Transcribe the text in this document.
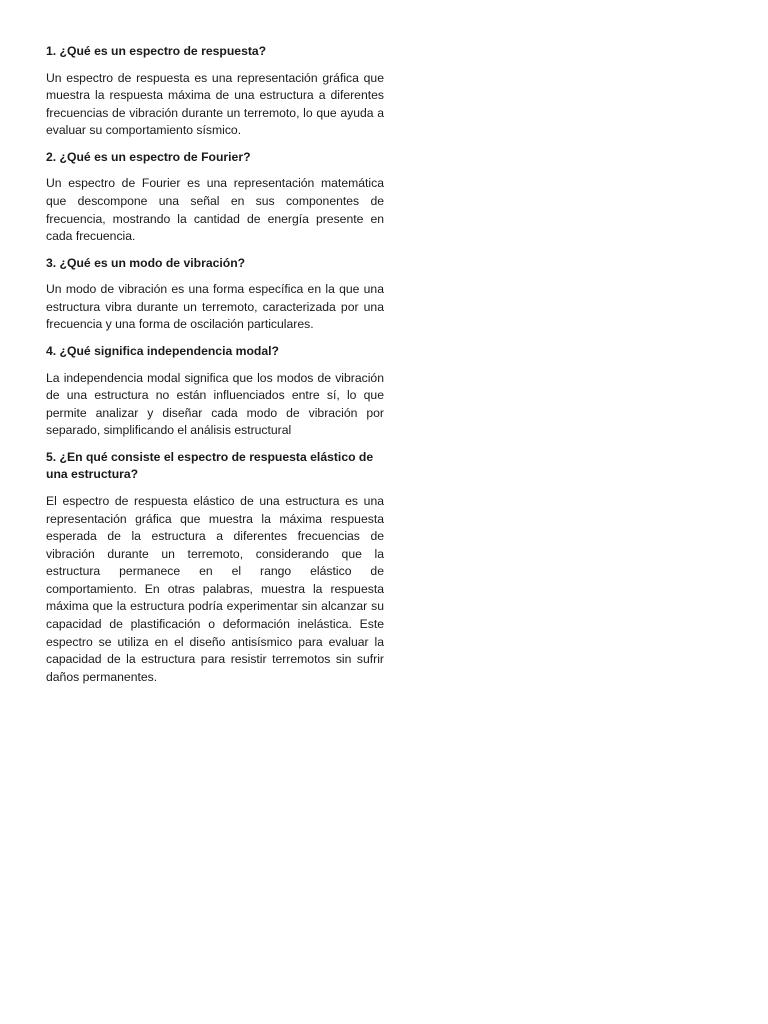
1. ¿Qué es un espectro de respuesta?

Un espectro de respuesta es una representación gráfica que muestra la respuesta máxima de una estructura a diferentes frecuencias de vibración durante un terremoto, lo que ayuda a evaluar su comportamiento sísmico.

2. ¿Qué es un espectro de Fourier?

Un espectro de Fourier es una representación matemática que descompone una señal en sus componentes de frecuencia, mostrando la cantidad de energía presente en cada frecuencia.

3. ¿Qué es un modo de vibración?

Un modo de vibración es una forma específica en la que una estructura vibra durante un terremoto, caracterizada por una frecuencia y una forma de oscilación particulares.

4. ¿Qué significa independencia modal?

La independencia modal significa que los modos de vibración de una estructura no están influenciados entre sí, lo que permite analizar y diseñar cada modo de vibración por separado, simplificando el análisis estructural

5. ¿En qué consiste el espectro de respuesta elástico de una estructura?

El espectro de respuesta elástico de una estructura es una representación gráfica que muestra la máxima respuesta esperada de la estructura a diferentes frecuencias de vibración durante un terremoto, considerando que la estructura permanece en el rango elástico de comportamiento. En otras palabras, muestra la respuesta máxima que la estructura podría experimentar sin alcanzar su capacidad de plastificación o deformación inelástica. Este espectro se utiliza en el diseño antisísmico para evaluar la capacidad de la estructura para resistir terremotos sin sufrir daños permanentes.
